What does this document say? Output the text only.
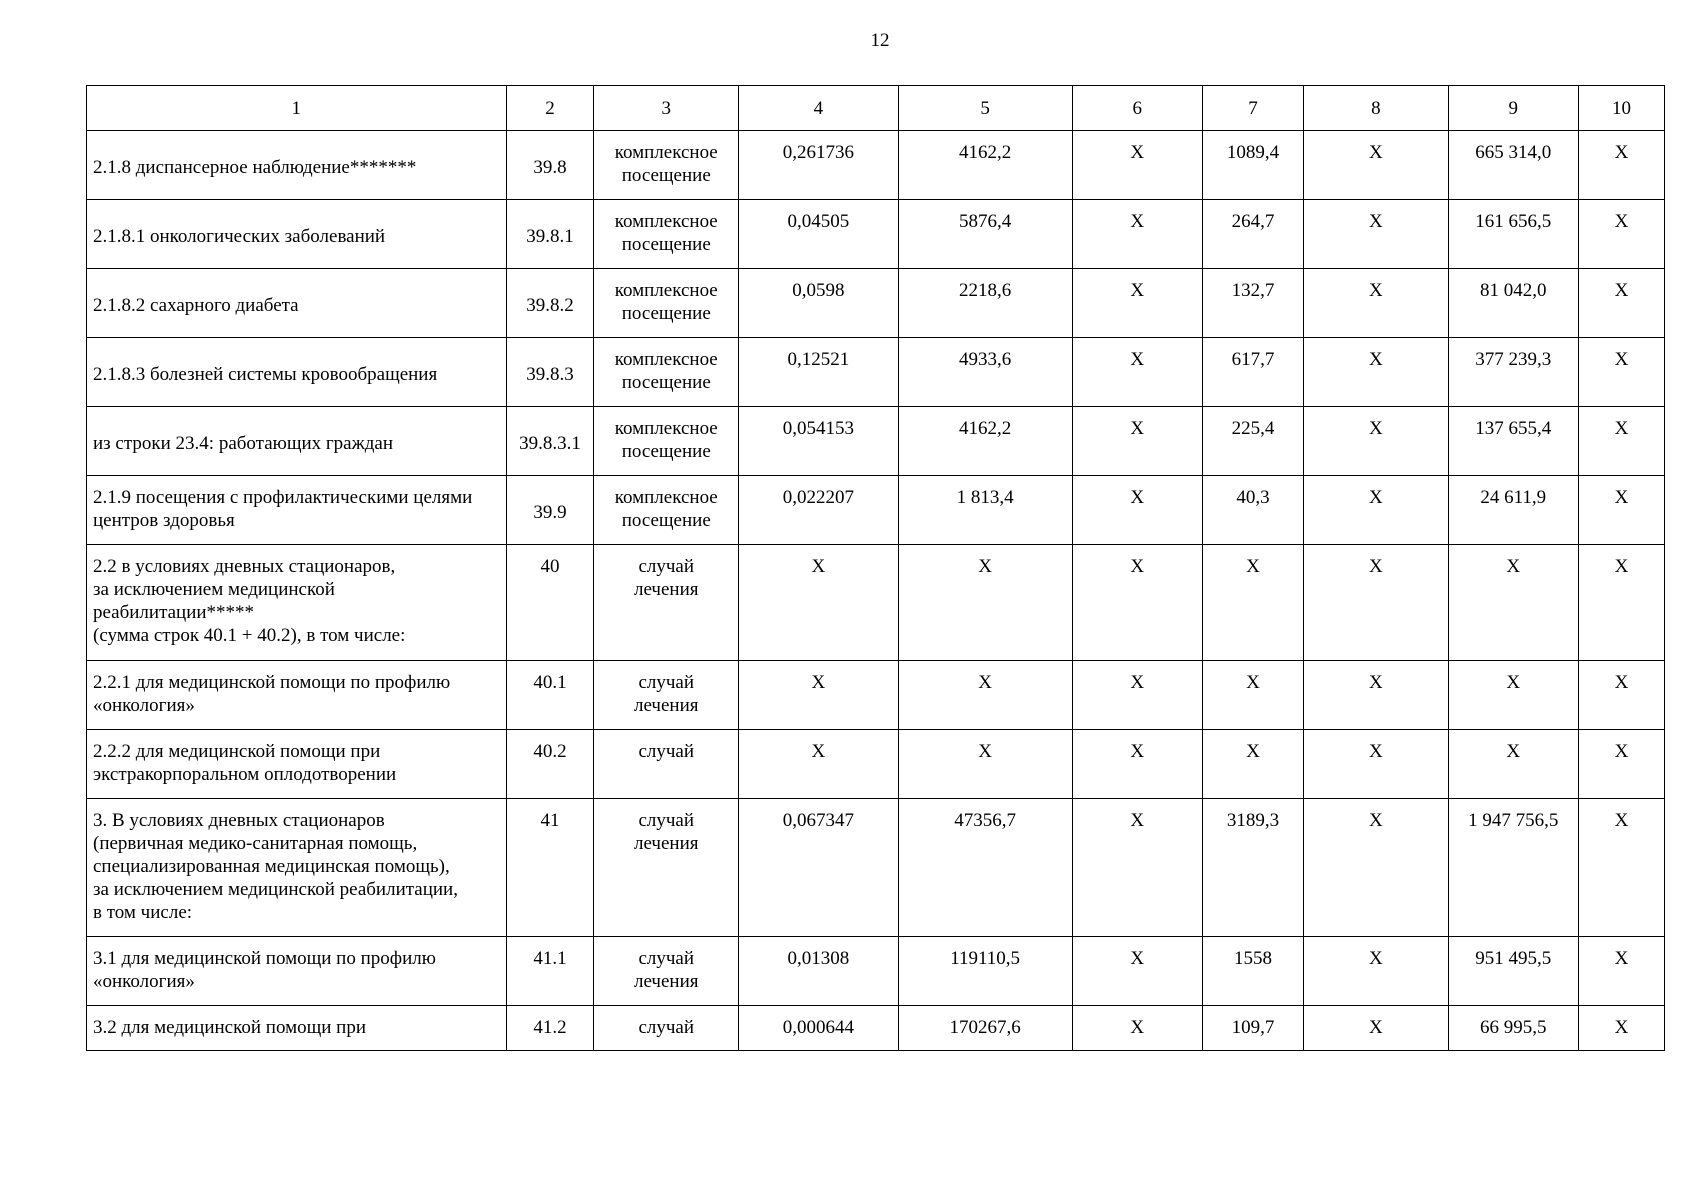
12
1	2	3	4	5	6	7	8	9	10
2.1.8 диспансерное наблюдение*******	39.8	комплексное
посещение	0,261736	4162,2	X	1089,4	X	665 314,0	X
2.1.8.1 онкологических заболеваний	39.8.1	комплексное
посещение	0,04505	5876,4	X	264,7	X	161 656,5	X
2.1.8.2 сахарного диабета	39.8.2	комплексное
посещение	0,0598	2218,6	X	132,7	X	81 042,0	X
2.1.8.3 болезней системы кровообращения	39.8.3	комплексное
посещение	0,12521	4933,6	X	617,7	X	377 239,3	X
из строки 23.4: работающих граждан	39.8.3.1	комплексное
посещение	0,054153	4162,2	X	225,4	X	137 655,4	X
2.1.9 посещения с профилактическими целями
центров здоровья	39.9	комплексное
посещение	0,022207	1 813,4	X	40,3	X	24 611,9	X
2.2 в условиях дневных стационаров,
за исключением медицинской
реабилитации*****
(сумма строк 40.1 + 40.2), в том числе:	40	случай
лечения	X	X	X	X	X	X	X
2.2.1 для медицинской помощи по профилю
«онкология»	40.1	случай
лечения	X	X	X	X	X	X	X
2.2.2 для медицинской помощи при
экстракорпоральном оплодотворении	40.2	случай	X	X	X	X	X	X	X
3. В условиях дневных стационаров
(первичная медико-санитарная помощь,
специализированная медицинская помощь),
за исключением медицинской реабилитации,
в том числе:	41	случай
лечения	0,067347	47356,7	X	3189,3	X	1 947 756,5	X
3.1 для медицинской помощи по профилю
«онкология»	41.1	случай
лечения	0,01308	119110,5	X	1558	X	951 495,5	X
3.2 для медицинской помощи при	41.2	случай	0,000644	170267,6	X	109,7	X	66 995,5	X
